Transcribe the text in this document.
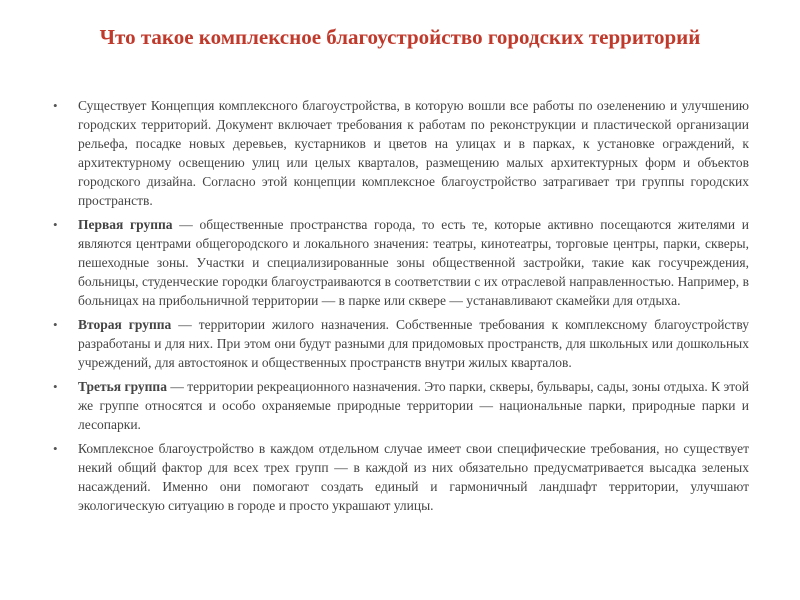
Что такое комплексное благоустройство городских территорий
• Существует Концепция комплексного благоустройства, в которую вошли все работы по озеленению и улучшению городских территорий. Документ включает требования к работам по реконструкции и пластической организации рельефа, посадке новых деревьев, кустарников и цветов на улицах и в парках, к установке ограждений, к архитектурному освещению улиц или целых кварталов, размещению малых архитектурных форм и объектов городского дизайна. Согласно этой концепции комплексное благоустройство затрагивает три группы городских пространств.
• Первая группа — общественные пространства города, то есть те, которые активно посещаются жителями и являются центрами общегородского и локального значения: театры, кинотеатры, торговые центры, парки, скверы, пешеходные зоны. Участки и специализированные зоны общественной застройки, такие как госучреждения, больницы, студенческие городки благоустраиваются в соответствии с их отраслевой направленностью. Например, в больницах на прибольничной территории — в парке или сквере — устанавливают скамейки для отдыха.
• Вторая группа — территории жилого назначения. Собственные требования к комплексному благоустройству разработаны и для них. При этом они будут разными для придомовых пространств, для школьных или дошкольных учреждений, для автостоянок и общественных пространств внутри жилых кварталов.
• Третья группа — территории рекреационного назначения. Это парки, скверы, бульвары, сады, зоны отдыха. К этой же группе относятся и особо охраняемые природные территории — национальные парки, природные парки и лесопарки.
• Комплексное благоустройство в каждом отдельном случае имеет свои специфические требования, но существует некий общий фактор для всех трех групп — в каждой из них обязательно предусматривается высадка зеленых насаждений. Именно они помогают создать единый и гармоничный ландшафт территории, улучшают экологическую ситуацию в городе и просто украшают улицы.
